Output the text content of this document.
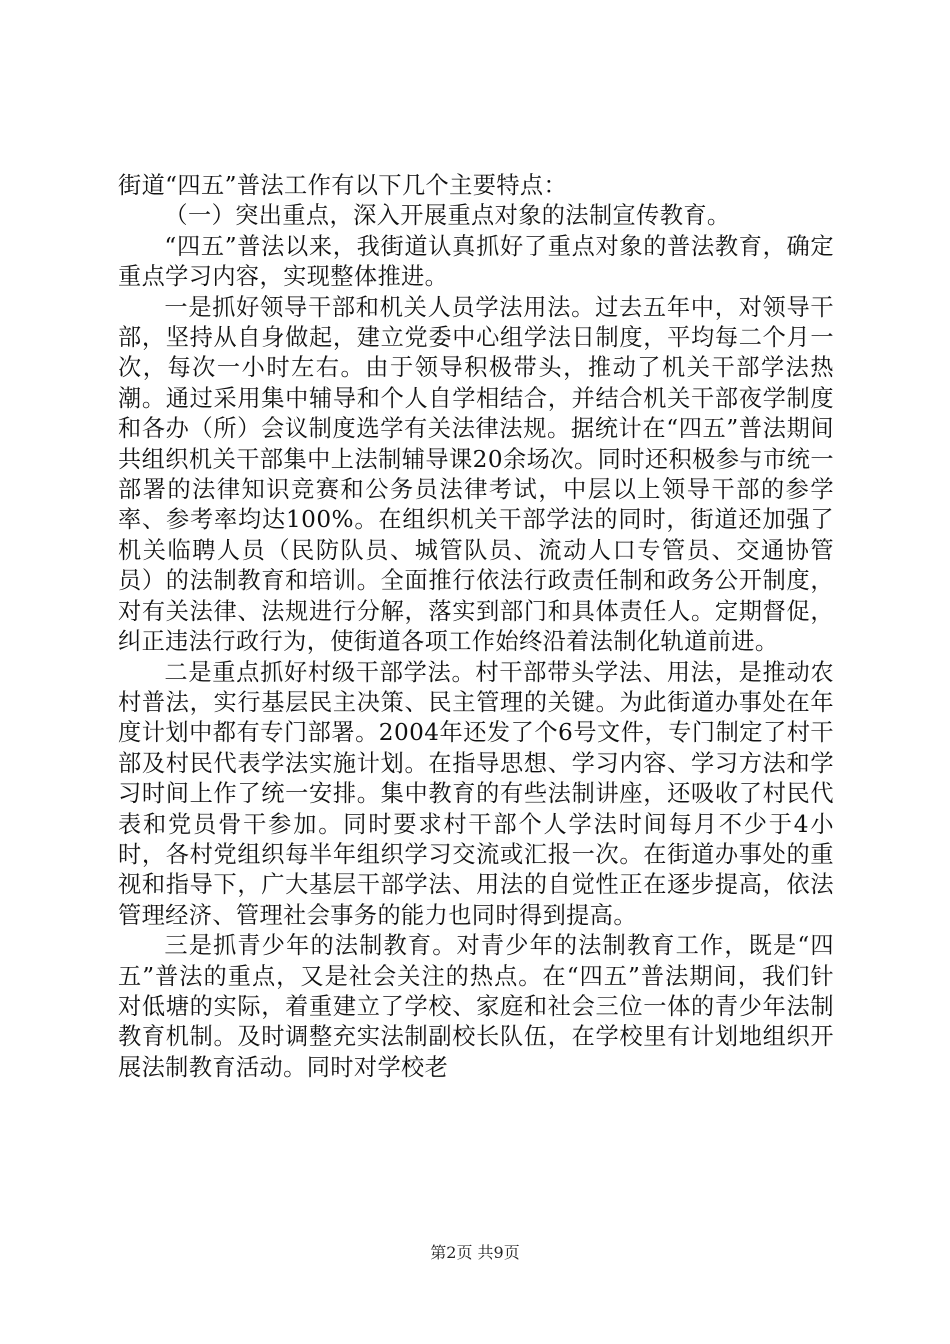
街道“四五”普法工作有以下几个主要特点：

（一）突出重点，深入开展重点对象的法制宣传教育。

“四五”普法以来，我街道认真抓好了重点对象的普法教育，确定重点学习内容，实现整体推进。

一是抓好领导干部和机关人员学法用法。过去五年中，对领导干部，坚持从自身做起，建立党委中心组学法日制度，平均每二个月一次，每次一小时左右。由于领导积极带头，推动了机关干部学法热潮。通过采用集中辅导和个人自学相结合，并结合机关干部夜学制度和各办（所）会议制度选学有关法律法规。据统计在“四五”普法期间共组织机关干部集中上法制辅导课20余场次。同时还积极参与市统一部署的法律知识竞赛和公务员法律考试，中层以上领导干部的参学率、参考率均达100%。在组织机关干部学法的同时，街道还加强了机关临聘人员（民防队员、城管队员、流动人口专管员、交通协管员）的法制教育和培训。全面推行依法行政责任制和政务公开制度，对有关法律、法规进行分解，落实到部门和具体责任人。定期督促，纠正违法行政行为，使街道各项工作始终沿着法制化轨道前进。

二是重点抓好村级干部学法。村干部带头学法、用法，是推动农村普法，实行基层民主决策、民主管理的关键。为此街道办事处在年度计划中都有专门部署。2004年还发了个6号文件，专门制定了村干部及村民代表学法实施计划。在指导思想、学习内容、学习方法和学习时间上作了统一安排。集中教育的有些法制讲座，还吸收了村民代表和党员骨干参加。同时要求村干部个人学法时间每月不少于4小时，各村党组织每半年组织学习交流或汇报一次。在街道办事处的重视和指导下，广大基层干部学法、用法的自觉性正在逐步提高，依法管理经济、管理社会事务的能力也同时得到提高。

三是抓青少年的法制教育。对青少年的法制教育工作，既是“四五”普法的重点，又是社会关注的热点。在“四五”普法期间，我们针对低塘的实际，着重建立了学校、家庭和社会三位一体的青少年法制教育机制。及时调整充实法制副校长队伍，在学校里有计划地组织开展法制教育活动。同时对学校老

第2页 共9页
